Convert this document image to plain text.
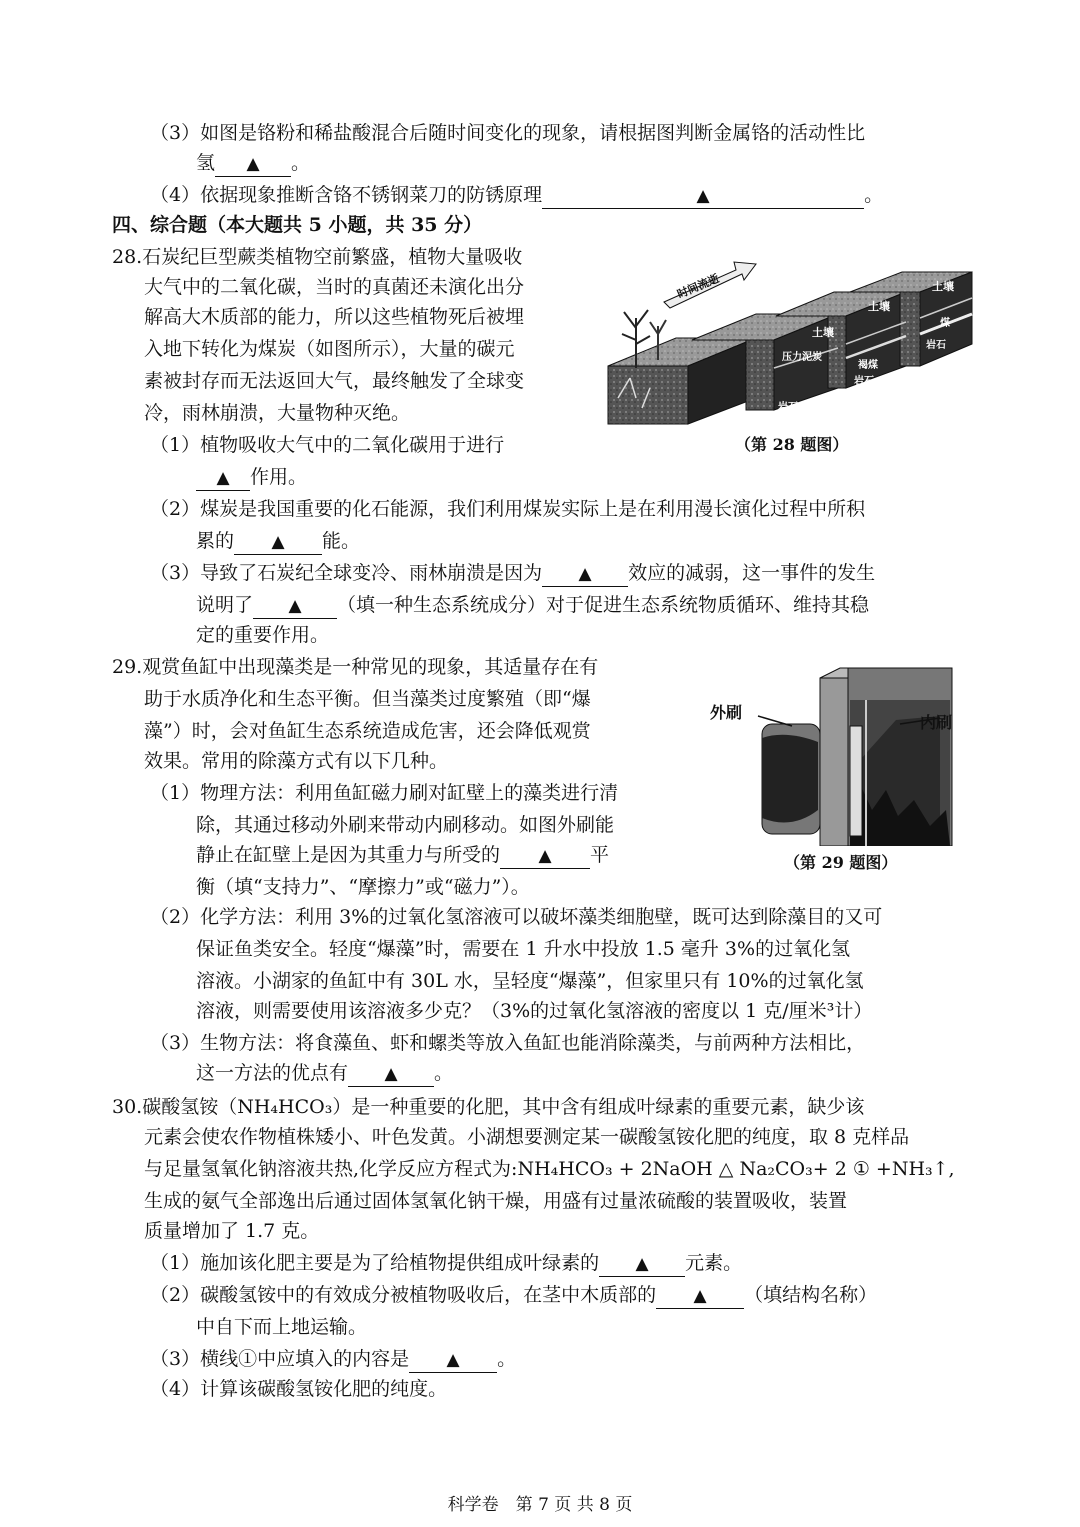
（3）如图是铬粉和稀盐酸混合后随时间变化的现象，请根据图判断金属铬的活动性比
氢 ▲ 。
（4）依据现象推断含铬不锈钢菜刀的防锈原理	▲	。
四、综合题（本大题共 5 小题，共 35 分）
28.石炭纪巨型蕨类植物空前繁盛，植物大量吸收
大气中的二氧化碳，当时的真菌还未演化出分
解高大木质部的能力，所以这些植物死后被埋
入地下转化为煤炭（如图所示），大量的碳元
素被封存而无法返回大气，最终触发了全球变
冷，雨林崩溃，大量物种灭绝。
（1）植物吸收大气中的二氧化碳用于进行
▲ 作用。
时间流逝
土壤
土壤
土壤
压力泥炭
煤
岩石
岩石
岩石
褐煤
（第 28 题图）
（2）煤炭是我国重要的化石能源，我们利用煤炭实际上是在利用漫长演化过程中所积
累的 ▲ 能。
（3）导致了石炭纪全球变冷、雨林崩溃是因为 ▲ 效应的减弱，这一事件的发生
说明了 ▲ （填一种生态系统成分）对于促进生态系统物质循环、维持其稳
定的重要作用。
29.观赏鱼缸中出现藻类是一种常见的现象，其适量存在有
助于水质净化和生态平衡。但当藻类过度繁殖（即“爆
藻”）时，会对鱼缸生态系统造成危害，还会降低观赏
效果。常用的除藻方式有以下几种。
（1）物理方法：利用鱼缸磁力刷对缸壁上的藻类进行清
除，其通过移动外刷来带动内刷移动。如图外刷能
静止在缸壁上是因为其重力与所受的 ▲ 平
衡（填“支持力”、“摩擦力”或“磁力”）。
外刷
内刷
（第 29 题图）
（2）化学方法：利用 3%的过氧化氢溶液可以破坏藻类细胞壁，既可达到除藻目的又可
保证鱼类安全。轻度“爆藻”时，需要在 1 升水中投放 1.5 毫升 3%的过氧化氢
溶液。小湖家的鱼缸中有 30L 水，呈轻度“爆藻”，但家里只有 10%的过氧化氢
溶液，则需要使用该溶液多少克？（3%的过氧化氢溶液的密度以 1 克/厘米³计）
（3）生物方法：将食藻鱼、虾和螺类等放入鱼缸也能消除藻类，与前两种方法相比，
这一方法的优点有 ▲ 。
30.碳酸氢铵（NH₄HCO₃）是一种重要的化肥，其中含有组成叶绿素的重要元素，缺少该
元素会使农作物植株矮小、叶色发黄。小湖想要测定某一碳酸氢铵化肥的纯度，取 8 克样品
与足量氢氧化钠溶液共热,化学反应方程式为:NH₄HCO₃ + 2NaOH △ Na₂CO₃+ 2 ① +NH₃↑,
生成的氨气全部逸出后通过固体氢氧化钠干燥，用盛有过量浓硫酸的装置吸收，装置
质量增加了 1.7 克。
（1）施加该化肥主要是为了给植物提供组成叶绿素的 ▲ 元素。
（2）碳酸氢铵中的有效成分被植物吸收后，在茎中木质部的 ▲ （填结构名称）
中自下而上地运输。
（3）横线①中应填入的内容是 ▲ 。
（4）计算该碳酸氢铵化肥的纯度。
科学卷　第 7 页 共 8 页
